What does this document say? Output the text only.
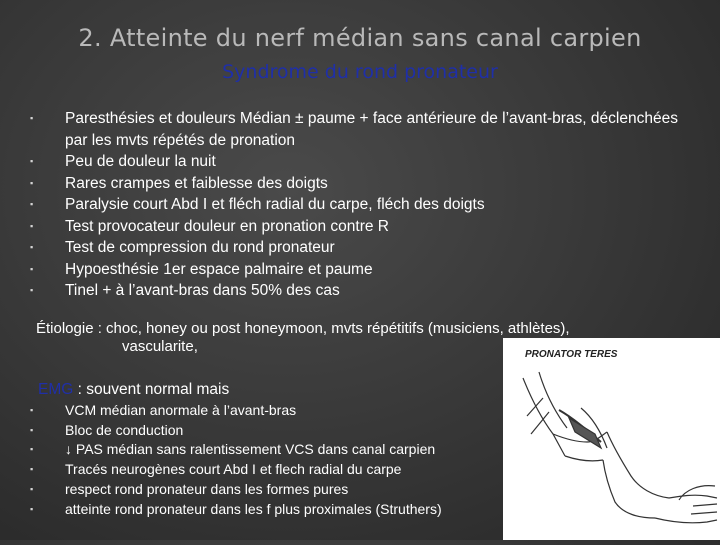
2. Atteinte du nerf médian sans canal carpien
Syndrome du rond pronateur
▪ Paresthésies et douleurs Médian ± paume + face antérieure de l’avant-bras, déclenchées par les mvts répétés de pronation
▪ Peu de douleur la nuit
▪ Rares crampes et faiblesse des doigts
▪ Paralysie court Abd I et fléch radial du carpe, fléch des doigts
▪ Test provocateur douleur en pronation contre R
▪ Test de compression du rond pronateur
▪ Hypoesthésie 1er espace palmaire et paume
▪ Tinel + à l’avant-bras dans 50% des cas
Étiologie : choc, honey ou post honeymoon, mvts répétitifs (musiciens, athlètes),
vascularite,
EMG : souvent normal mais
▪ VCM médian anormale à l’avant-bras
▪ Bloc de conduction
▪ ↓ PAS médian sans ralentissement VCS dans canal carpien
▪ Tracés neurogènes court Abd I et flech radial du carpe
▪ respect rond pronateur dans les formes pures
▪ atteinte rond pronateur dans les f plus proximales (Struthers)
PRONATOR TERES
